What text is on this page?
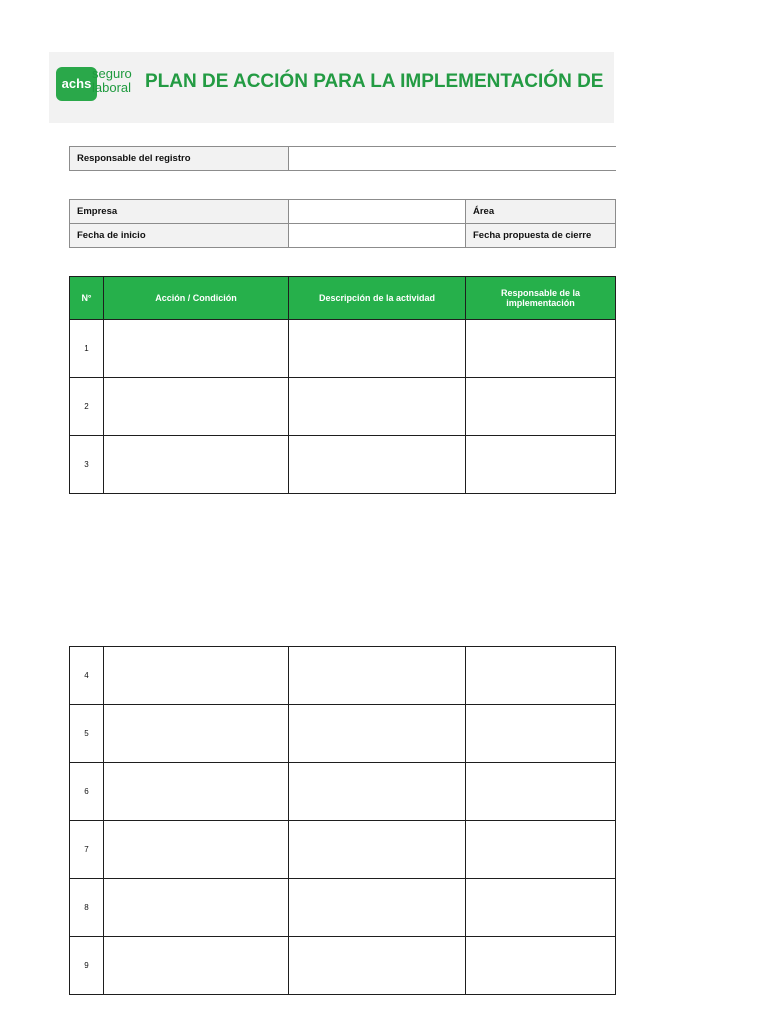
achs
seguro
laboral PLAN DE ACCIÓN PARA LA IMPLEMENTACIÓN DE
Responsable del registro	
Empresa		Área
Fecha de inicio		Fecha propuesta de cierre
N°	Acción / Condición	Descripción de la actividad	Responsable de la implementación
1			
2			
3			
4			
5			
6			
7			
8			
9			
